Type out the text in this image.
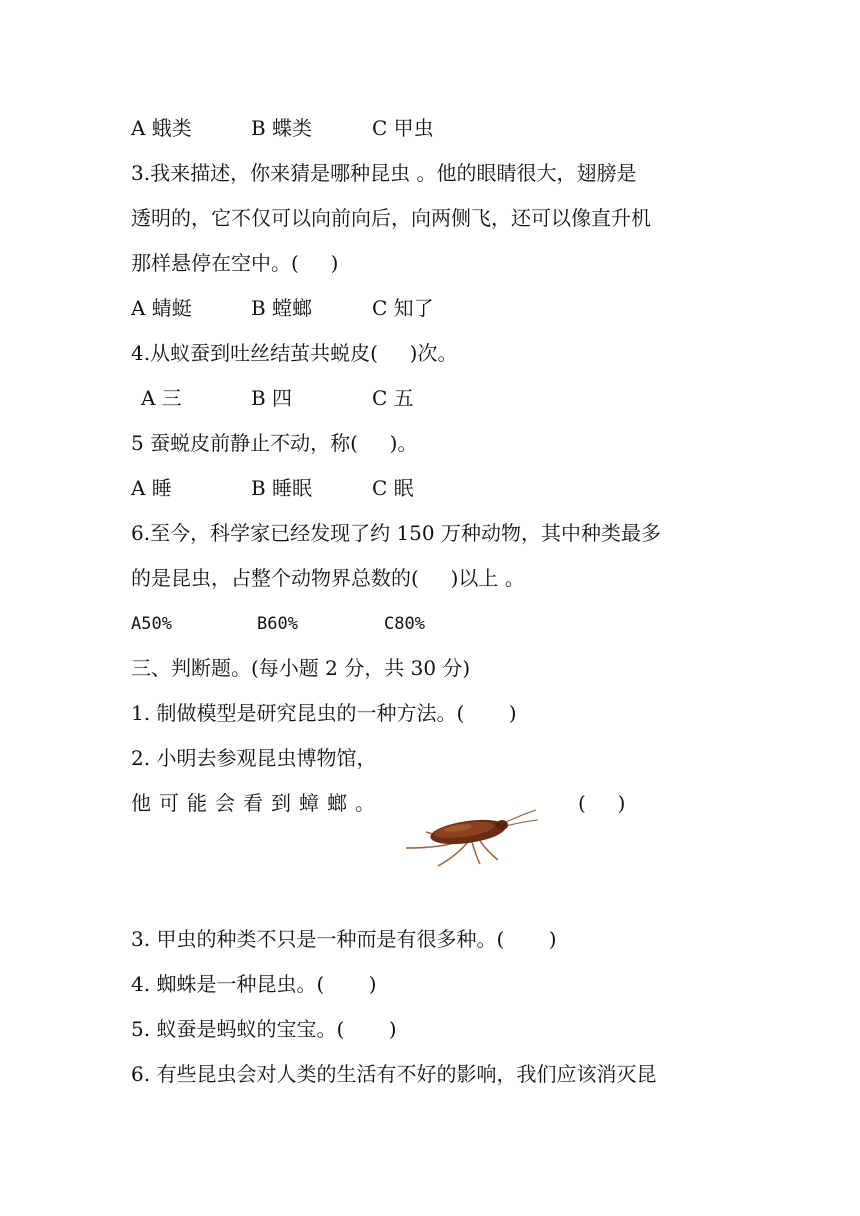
A 蛾类	B 蝶类	C 甲虫
3.我来描述，你来猜是哪种昆虫 。他的眼睛很大，翅膀是
透明的，它不仅可以向前向后，向两侧飞，还可以像直升机
那样悬停在空中。(     )
A 蜻蜓	B 螳螂	C 知了
4.从蚁蚕到吐丝结茧共蜕皮(     )次。
A 三	B 四	C 五
5 蚕蜕皮前静止不动，称(     )。
A 睡	B 睡眠	C 眠
6.至今，科学家已经发现了约 150 万种动物，其中种类最多
的是昆虫，占整个动物界总数的(     )以上 。
A50%	B60%	C80%
三、判断题。(每小题 2 分，共 30 分)
1. 制做模型是研究昆虫的一种方法。(       )
2. 小明去参观昆虫博物馆，
他可能会看到蟑螂。	(     )
3. 甲虫的种类不只是一种而是有很多种。(       )
4. 蜘蛛是一种昆虫。(       )
5. 蚁蚕是蚂蚁的宝宝。(       )
6. 有些昆虫会对人类的生活有不好的影响，我们应该消灭昆
